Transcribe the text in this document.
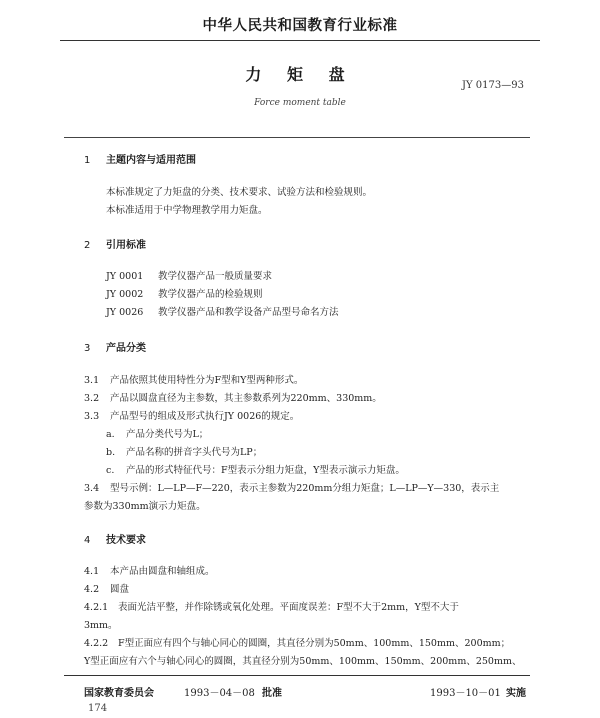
中华人民共和国教育行业标准
力 矩 盘
JY 0173—93
Force moment table
1 主题内容与适用范围
本标准规定了力矩盘的分类、技术要求、试验方法和检验规则。
本标准适用于中学物理教学用力矩盘。
2 引用标准
JY 0001 教学仪器产品一般质量要求
JY 0002 教学仪器产品的检验规则
JY 0026 教学仪器产品和教学设备产品型号命名方法
3 产品分类
3.1 产品依照其使用特性分为F型和Y型两种形式。
3.2 产品以圆盘直径为主参数，其主参数系列为220mm、330mm。
3.3 产品型号的组成及形式执行JY 0026的规定。
a. 产品分类代号为L；
b. 产品名称的拼音字头代号为LP；
c. 产品的形式特征代号：F型表示分组力矩盘，Y型表示演示力矩盘。
3.4 型号示例：L—LP—F—220，表示主参数为220mm分组力矩盘；L—LP—Y—330，表示主
参数为330mm演示力矩盘。
4 技术要求
4.1 本产品由圆盘和轴组成。
4.2 圆盘
4.2.1 表面光洁平整，并作除锈或氧化处理。平面度误差：F型不大于2mm，Y型不大于
3mm。
4.2.2 F型正面应有四个与轴心同心的圆圈，其直径分别为50mm、100mm、150mm、200mm；
Y型正面应有六个与轴心同心的圆圈，其直径分别为50mm、100mm、150mm、200mm、250mm、
国家教育委员会	1993－04－08 批准	1993－10－01 实施
174
